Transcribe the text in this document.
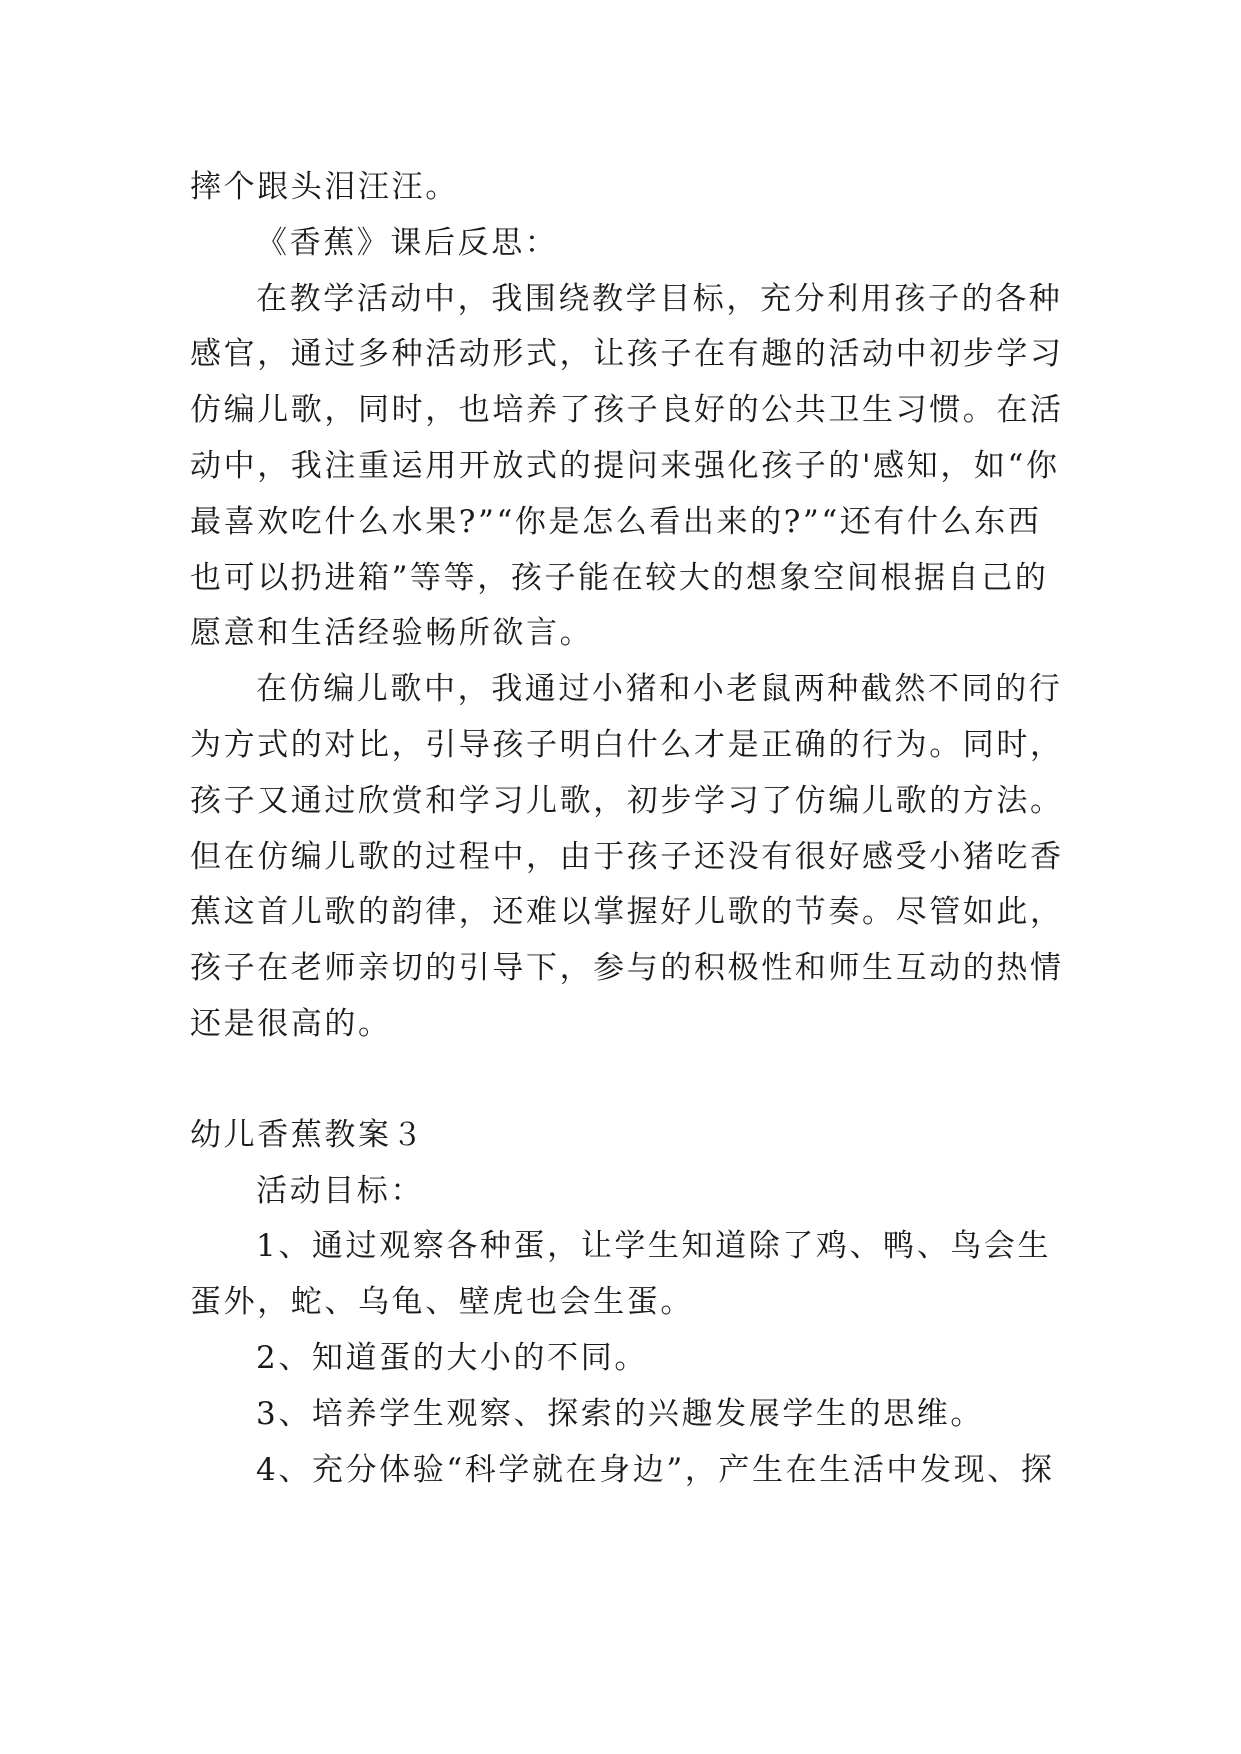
摔个跟头泪汪汪。
《香蕉》课后反思：
在教学活动中，我围绕教学目标，充分利用孩子的各种
感官，通过多种活动形式，让孩子在有趣的活动中初步学习
仿编儿歌，同时，也培养了孩子良好的公共卫生习惯。在活
动中，我注重运用开放式的提问来强化孩子的'感知，如“你
最喜欢吃什么水果?”“你是怎么看出来的?”“还有什么东西
也可以扔进箱”等等，孩子能在较大的想象空间根据自己的
愿意和生活经验畅所欲言。
在仿编儿歌中，我通过小猪和小老鼠两种截然不同的行
为方式的对比，引导孩子明白什么才是正确的行为。同时，
孩子又通过欣赏和学习儿歌，初步学习了仿编儿歌的方法。
但在仿编儿歌的过程中，由于孩子还没有很好感受小猪吃香
蕉这首儿歌的韵律，还难以掌握好儿歌的节奏。尽管如此，
孩子在老师亲切的引导下，参与的积极性和师生互动的热情
还是很高的。
幼儿香蕉教案３
活动目标：
1、通过观察各种蛋，让学生知道除了鸡、鸭、鸟会生
蛋外，蛇、乌龟、壁虎也会生蛋。
2、知道蛋的大小的不同。
3、培养学生观察、探索的兴趣发展学生的思维。
4、充分体验“科学就在身边”，产生在生活中发现、探
